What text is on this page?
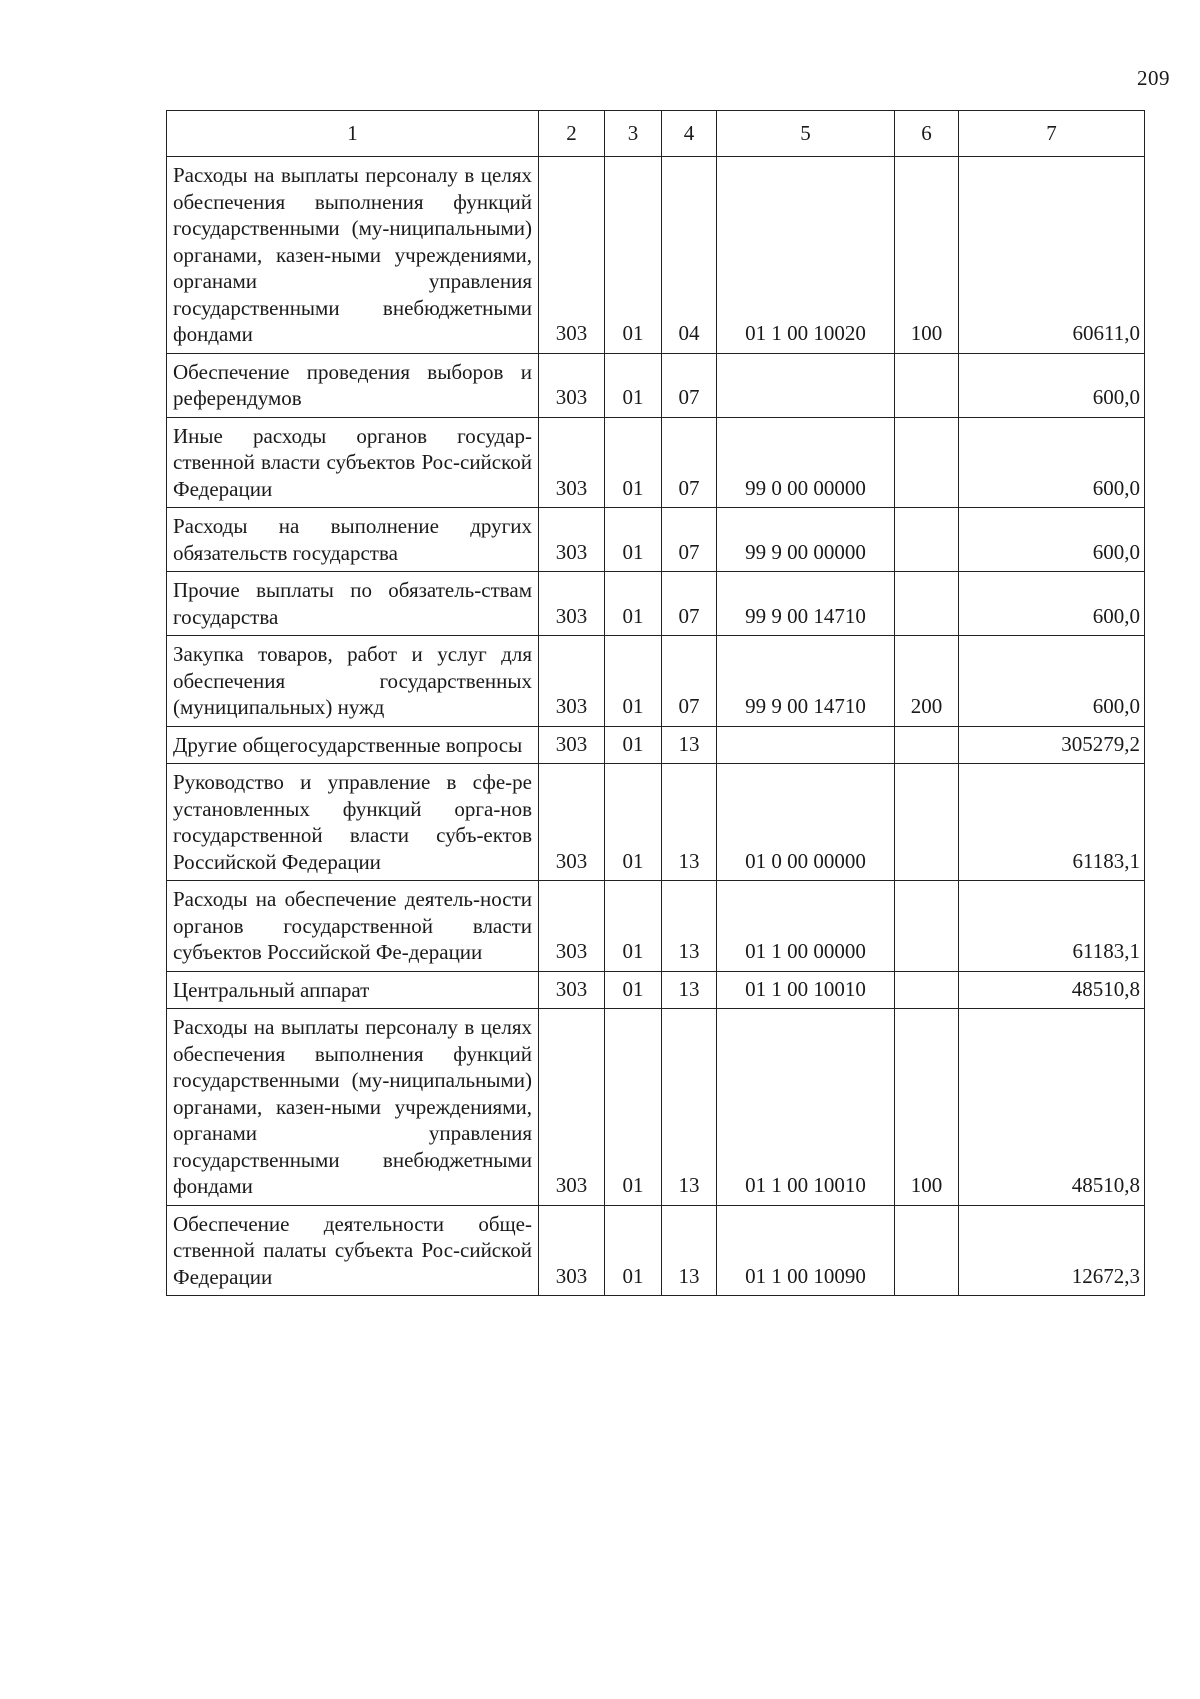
209
1	2	3	4	5	6	7
Расходы на выплаты персоналу в целях обеспечения выполнения функций государственными (му-ниципальными) органами, казен-ными учреждениями, органами управления государственными внебюджетными фондами	303	01	04	01 1 00 10020	100	60611,0
Обеспечение проведения выборов и референдумов	303	01	07			600,0
Иные расходы органов государ-ственной власти субъектов Рос-сийской Федерации	303	01	07	99 0 00 00000		600,0
Расходы на выполнение других обязательств государства	303	01	07	99 9 00 00000		600,0
Прочие выплаты по обязатель-ствам государства	303	01	07	99 9 00 14710		600,0
Закупка товаров, работ и услуг для обеспечения государственных (муниципальных) нужд	303	01	07	99 9 00 14710	200	600,0
Другие общегосударственные вопросы	303	01	13			305279,2
Руководство и управление в сфе-ре установленных функций орга-нов государственной власти субъ-ектов Российской Федерации	303	01	13	01 0 00 00000		61183,1
Расходы на обеспечение деятель-ности органов государственной власти субъектов Российской Фе-дерации	303	01	13	01 1 00 00000		61183,1
Центральный аппарат	303	01	13	01 1 00 10010		48510,8
Расходы на выплаты персоналу в целях обеспечения выполнения функций государственными (му-ниципальными) органами, казен-ными учреждениями, органами управления государственными внебюджетными фондами	303	01	13	01 1 00 10010	100	48510,8
Обеспечение деятельности обще-ственной палаты субъекта Рос-сийской Федерации	303	01	13	01 1 00 10090		12672,3
